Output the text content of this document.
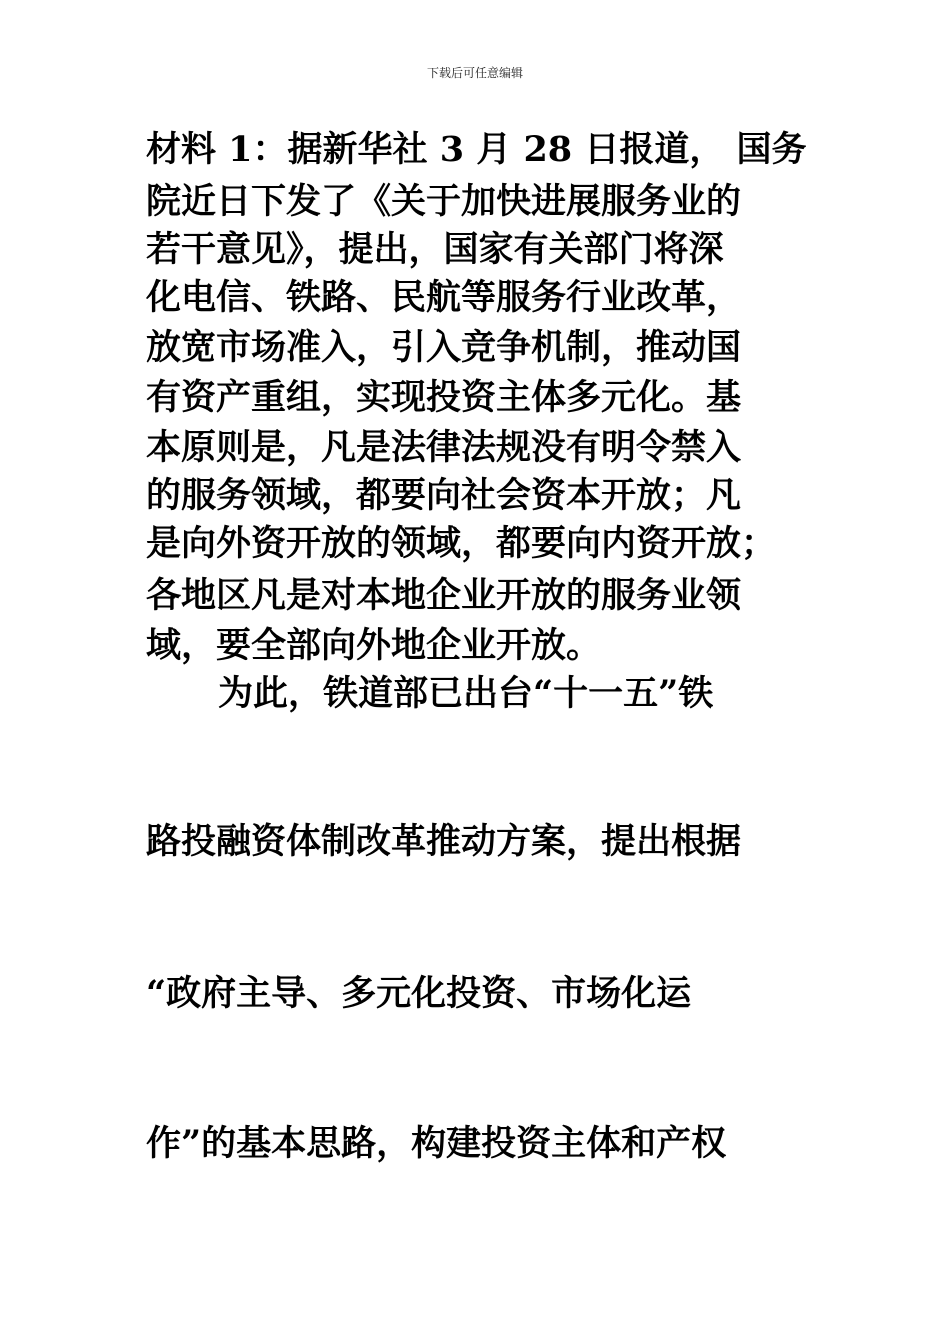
下载后可任意编辑
材料 1：据新华社 3 月 28 日报道， 国务
院近日下发了《关于加快进展服务业的
若干意见》，提出，国家有关部门将深
化电信、铁路、民航等服务行业改革，
放宽市场准入，引入竞争机制，推动国
有资产重组，实现投资主体多元化。基
本原则是，凡是法律法规没有明令禁入
的服务领域，都要向社会资本开放；凡
是向外资开放的领域，都要向内资开放；
各地区凡是对本地企业开放的服务业领
域，要全部向外地企业开放。
为此，铁道部已出台“十一五”铁
路投融资体制改革推动方案，提出根据
“政府主导、多元化投资、市场化运
作”的基本思路，构建投资主体和产权
